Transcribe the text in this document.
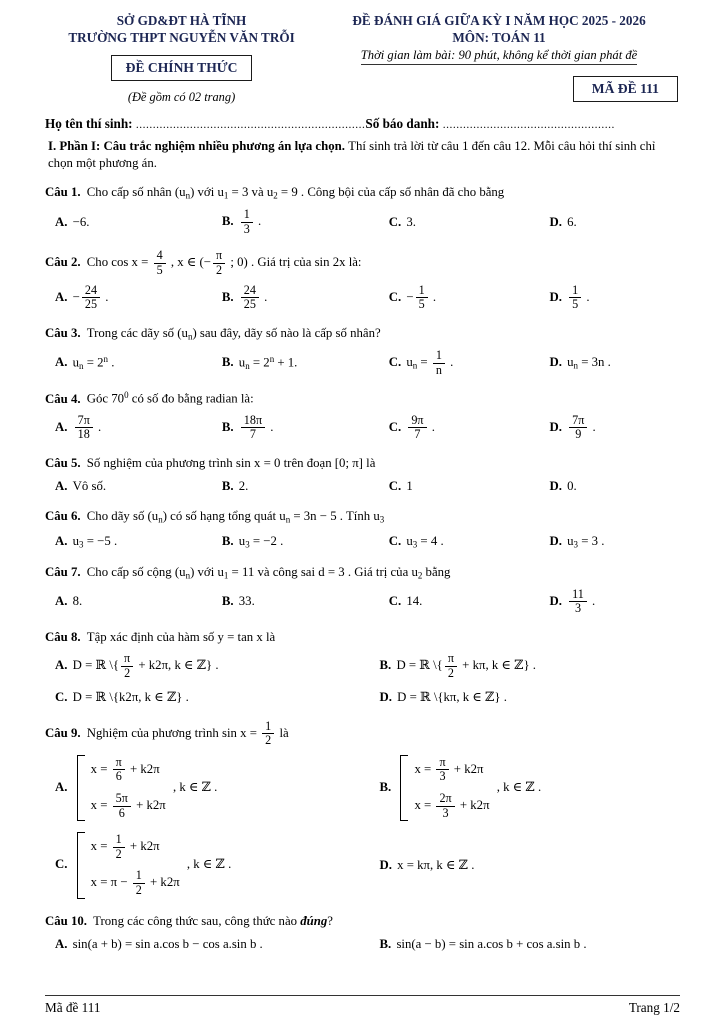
SỞ GD&ĐT HÀ TĨNH
TRƯỜNG THPT NGUYỄN VĂN TRỖI
ĐỀ CHÍNH THỨC
(Đề gồm có 02 trang)
ĐỀ ĐÁNH GIÁ GIỮA KỲ I NĂM HỌC 2025 - 2026
MÔN: TOÁN 11
Thời gian làm bài: 90 phút, không kể thời gian phát đề
MÃ ĐỀ 111
Họ tên thí sinh: ....................................................................Số báo danh: ...................................................
I. Phần I: Câu trắc nghiệm nhiều phương án lựa chọn. Thí sinh trả lời từ câu 1 đến câu 12. Mỗi câu hỏi thí sinh chỉ chọn một phương án.
Câu 1. Cho cấp số nhân $(u_n)$ với $u_1 = 3$ và $u_2 = 9$ . Công bội của cấp số nhân đã cho bằng
A. −6.	B. $\frac{1}{3}$ .	C. 3.	D. 6.
Câu 2. Cho $\cos x = \frac{4}{5}$ , x ∈ (− $\frac{\pi}{2}$ ; 0) . Giá trị của sin 2x là:
A. − $\frac{24}{25}$ .	B. $\frac{24}{25}$ .	C. − $\frac{1}{5}$ .	D. $\frac{1}{5}$ .
Câu 3. Trong các dãy số $(u_n)$ sau đây, dãy số nào là cấp số nhân?
A. $u_n = 2^n$ .	B. $u_n = 2^n + 1$.	C. $u_n = \frac{1}{n}$ .	D. $u_n = 3n$ .
Câu 4. Góc $70^0$ có số đo bằng radian là:
A. $\frac{7\pi}{18}$ .	B. $\frac{18\pi}{7}$ .	C. $\frac{9\pi}{7}$ .	D. $\frac{7\pi}{9}$ .
Câu 5. Số nghiệm của phương trình sin x = 0 trên đoạn [0; π] là
A. Vô số.	B. 2.	C. 1	D. 0.
Câu 6. Cho dãy số $(u_n)$ có số hạng tổng quát $u_n = 3n - 5$ . Tính $u_3$
A. $u_3 = -5$ .	B. $u_3 = -2$ .	C. $u_3 = 4$ .	D. $u_3 = 3$ .
Câu 7. Cho cấp số cộng $(u_n)$ với $u_1 = 11$ và công sai d = 3 . Giá trị của $u_2$ bằng
A. 8.	B. 33.	C. 14.	D. $\frac{11}{3}$ .
Câu 8. Tập xác định của hàm số y = tan x là
A. D = ℝ \{ $\frac{\pi}{2} + k2\pi$, k ∈ ℤ} .	B. D = ℝ \{ $\frac{\pi}{2} + k\pi$, k ∈ ℤ} .
C. D = ℝ \{k2π, k ∈ ℤ} .	D. D = ℝ \{kπ, k ∈ ℤ} .
Câu 9. Nghiệm của phương trình $\sin x = \frac{1}{2}$ là
A.
$x = \frac{\pi}{6} + k2\pi$
$x = \frac{5\pi}{6} + k2\pi$
, k ∈ ℤ .	B.
$x = \frac{\pi}{3} + k2\pi$
$x = \frac{2\pi}{3} + k2\pi$
, k ∈ ℤ .
C.
$x = \frac{1}{2} + k2\pi$
$x = \pi - \frac{1}{2} + k2\pi$
, k ∈ ℤ .	D. x = kπ, k ∈ ℤ .
Câu 10. Trong các công thức sau, công thức nào đúng?
A. sin(a + b) = sin a.cos b − cos a.sin b .	B. sin(a − b) = sin a.cos b + cos a.sin b .
Mã đề 111	Trang 1/2
